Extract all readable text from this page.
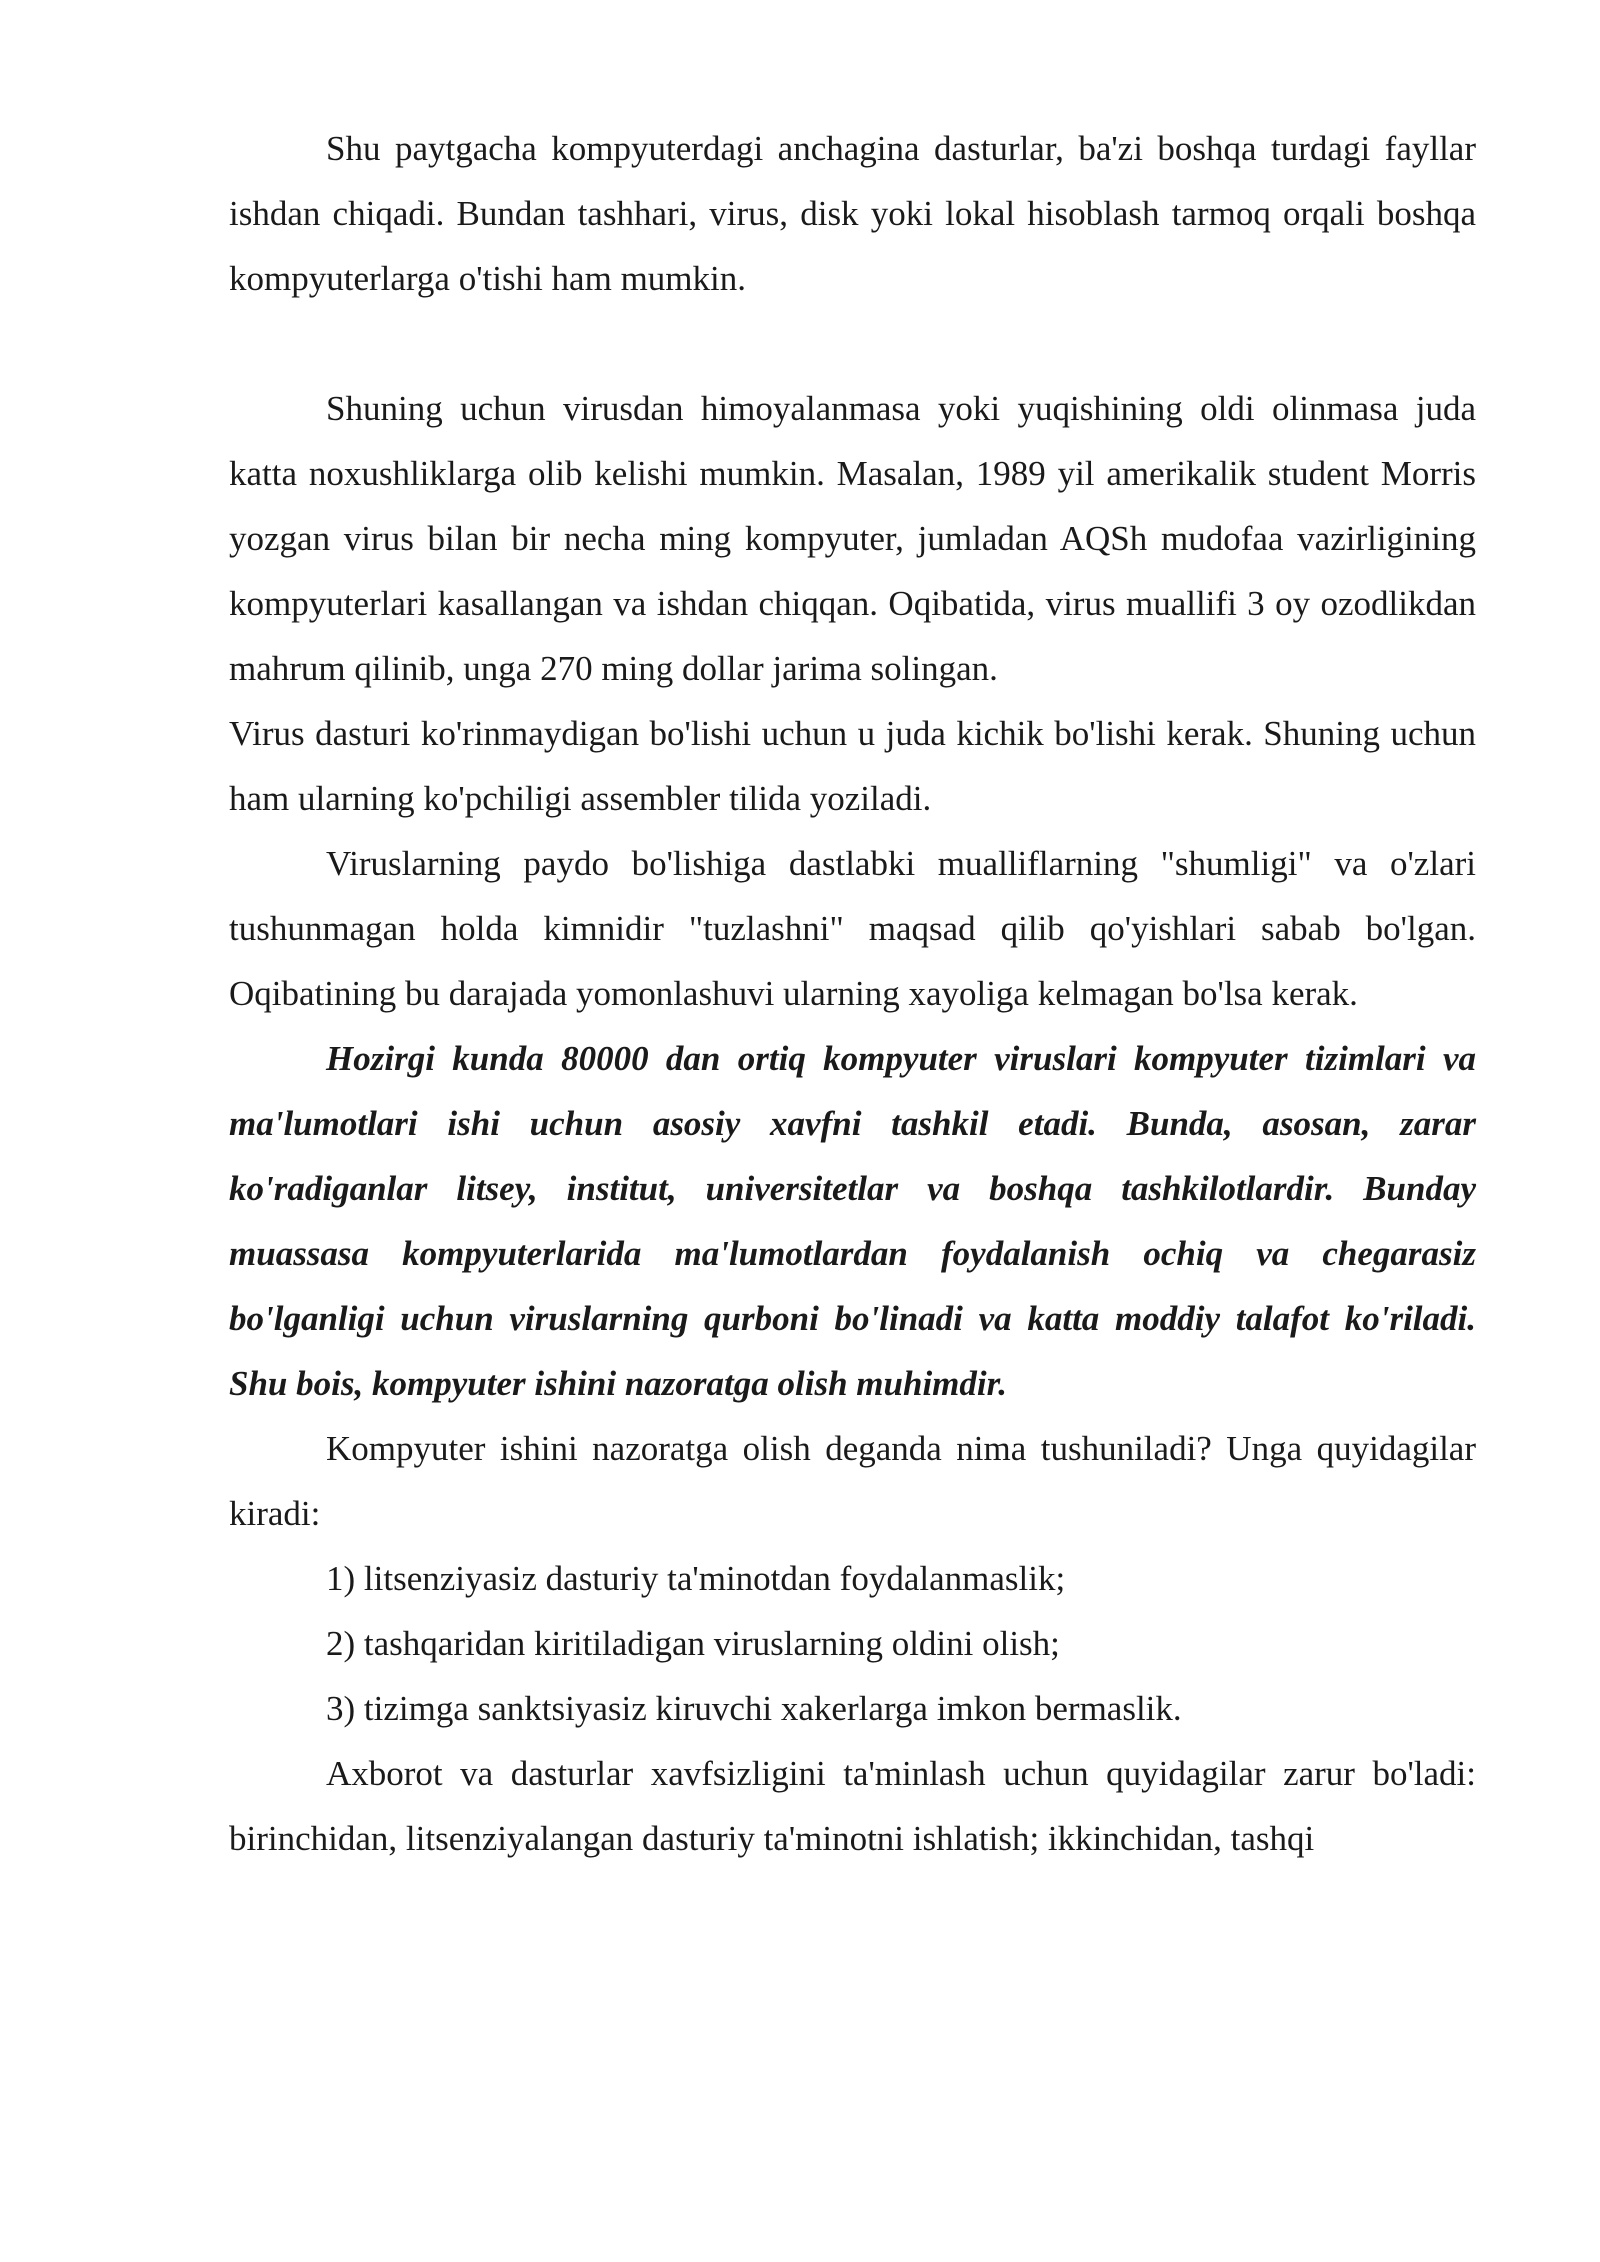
Shu paytgacha kompyuterdagi anchagina dasturlar, ba'zi boshqa turdagi fayllar ishdan chiqadi. Bundan tashhari, virus, disk yoki lokal hisoblash tarmoq orqali boshqa kompyuterlarga o'tishi ham mumkin.

Shuning uchun virusdan himoyalanmasa yoki yuqishining oldi olinmasa juda katta noxushliklarga olib kelishi mumkin. Masalan, 1989 yil amerikalik student Morris yozgan virus bilan bir necha ming kompyuter, jumladan AQSh mudofaa vazirligining kompyuterlari kasallangan va ishdan chiqqan. Oqibatida, virus muallifi 3 oy ozodlikdan mahrum qilinib, unga 270 ming dollar jarima solingan.

Virus dasturi ko'rinmaydigan bo'lishi uchun u juda kichik bo'lishi kerak. Shuning uchun ham ularning ko'pchiligi assembler tilida yoziladi.

Viruslarning paydo bo'lishiga dastlabki mualliflarning "shumligi" va o'zlari tushunmagan holda kimnidir "tuzlashni" maqsad qilib qo'yishlari sabab bo'lgan. Oqibatining bu darajada yomonlashuvi ularning xayoliga kelmagan bo'lsa kerak.

Hozirgi kunda 80000 dan ortiq kompyuter viruslari kompyuter tizimlari va ma'lumotlari ishi uchun asosiy xavfni tashkil etadi. Bunda, asosan, zarar ko'radiganlar litsey, institut, universitetlar va boshqa tashkilotlardir. Bunday muassasa kompyuterlarida ma'lumotlardan foydalanish ochiq va chegarasiz bo'lganligi uchun viruslarning qurboni bo'linadi va katta moddiy talafot ko'riladi. Shu bois, kompyuter ishini nazoratga olish muhimdir.

Kompyuter ishini nazoratga olish deganda nima tushuniladi? Unga quyidagilar kiradi:

1) litsenziyasiz dasturiy ta'minotdan foydalanmaslik;

2) tashqaridan kiritiladigan viruslarning oldini olish;

3) tizimga sanktsiyasiz kiruvchi xakerlarga imkon bermaslik.

Axborot va dasturlar xavfsizligini ta'minlash uchun quyidagilar zarur bo'ladi: birinchidan, litsenziyalangan dasturiy ta'minotni ishlatish; ikkinchidan, tashqi
